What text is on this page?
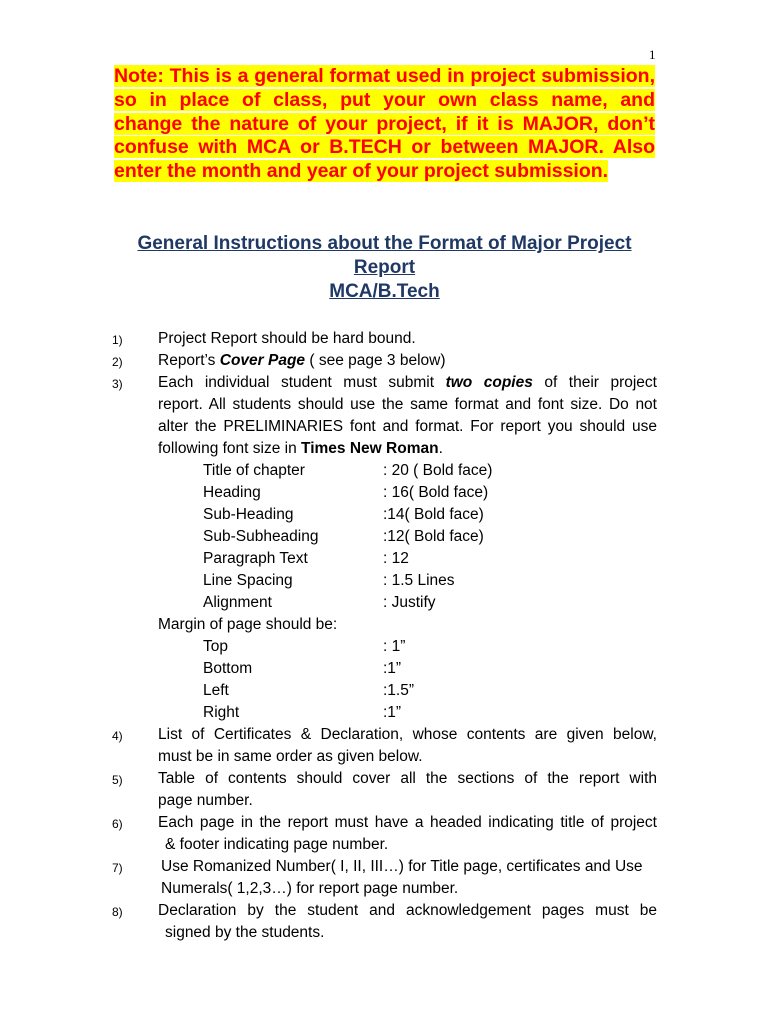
1
Note: This is a general format used in project submission, so in place of class, put your own class name, and change the nature of your project, if it is MAJOR, don’t confuse with MCA or B.TECH or between MAJOR. Also enter the month and year of your project submission.
General Instructions about the Format of Major Project
Report
MCA/B.Tech
1) Project Report should be hard bound.
2) Report’s Cover Page ( see page 3 below)
3) Each individual student must submit two copies of their project
report. All students should use the same format and font size. Do not
alter the PRELIMINARIES font and format. For report you should use
following font size in Times New Roman.
Title of chapter	: 20 ( Bold face)
Heading	: 16( Bold face)
Sub-Heading	:14( Bold face)
Sub-Subheading	:12( Bold face)
Paragraph Text	: 12
Line Spacing	: 1.5 Lines
Alignment	: Justify
Margin of page should be:
Top	: 1”
Bottom	:1”
Left	:1.5”
Right	:1”
4) List of Certificates & Declaration, whose contents are given below,
must be in same order as given below.
5) Table of contents should cover all the sections of the report with
page number.
6) Each page in the report must have a headed indicating title of project
& footer indicating page number.
7) Use Romanized Number( I, II, III…) for Title page, certificates and Use
Numerals( 1,2,3…) for report page number.
8) Declaration by the student and acknowledgement pages must be
signed by the students.
